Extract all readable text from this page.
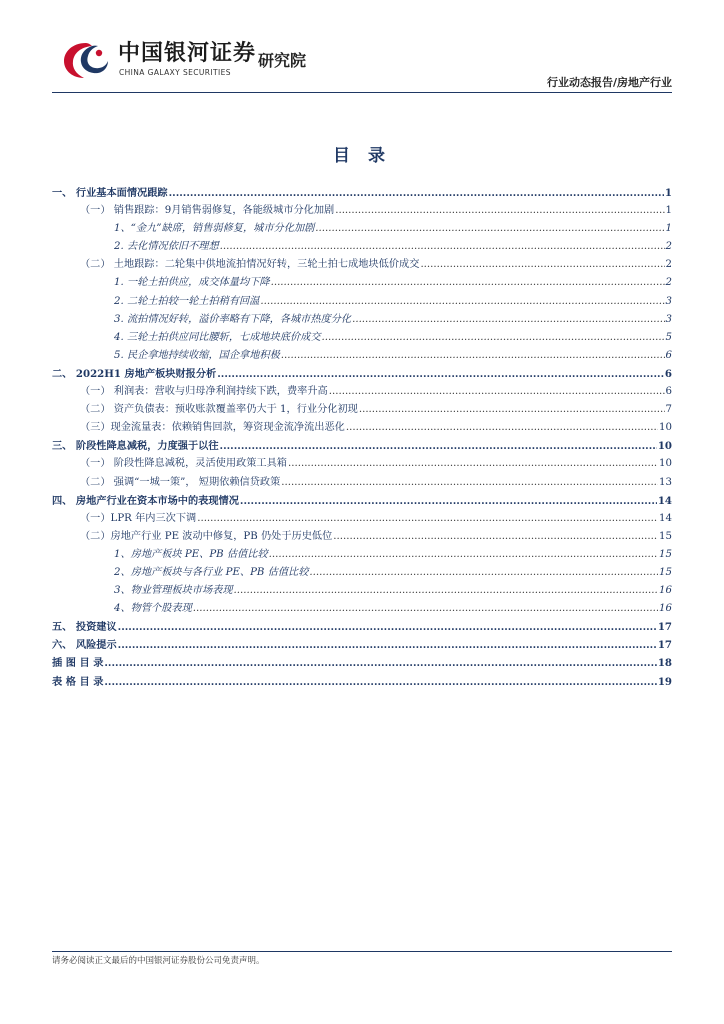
中国银河证券
CHINA GALAXY SECURITIES
研究院
行业动态报告/房地产行业
目 录
一、 行业基本面情况跟踪 .....	1
（一） 销售跟踪：9月销售弱修复，各能级城市分化加剧 .....	1
1、“金九”缺席，销售弱修复，城市分化加剧 .....	1
2. 去化情况依旧不理想 .....	2
（二） 土地跟踪：二轮集中供地流拍情况好转，三轮土拍七成地块低价成交 .....	2
1. 一轮土拍供应，成交体量均下降 .....	2
2. 二轮土拍较一轮土拍稍有回温 .....	3
3. 流拍情况好转，溢价率略有下降，各城市热度分化 .....	3
4. 三轮土拍供应同比腰斩，七成地块底价成交 .....	5
5. 民企拿地持续收缩，国企拿地积极 .....	6
二、 2022H1 房地产板块财报分析 .....	6
（一） 利润表：营收与归母净利润持续下跌，费率升高 .....	6
（二） 资产负债表：预收账款覆盖率仍大于 1，行业分化初现 .....	7
（三）现金流量表：依赖销售回款，筹资现金流净流出恶化 .....	10
三、 阶段性降息减税，力度强于以往 .....	10
（一） 阶段性降息减税，灵活使用政策工具箱 .....	10
（二） 强调“一城一策”， 短期依赖信贷政策 .....	13
四、 房地产行业在资本市场中的表现情况 .....	14
（一）LPR 年内三次下调 .....	14
（二）房地产行业 PE 波动中修复，PB 仍处于历史低位 .....	15
1、房地产板块 PE、PB 估值比较 .....	15
2、房地产板块与各行业 PE、PB 估值比较 .....	15
3、物业管理板块市场表现 .....	16
4、物管个股表现 .....	16
五、 投资建议 .....	17
六、 风险提示 .....	17
插 图 目 录 .....	18
表 格 目 录 .....	19
请务必阅读正文最后的中国银河证券股份公司免责声明。
